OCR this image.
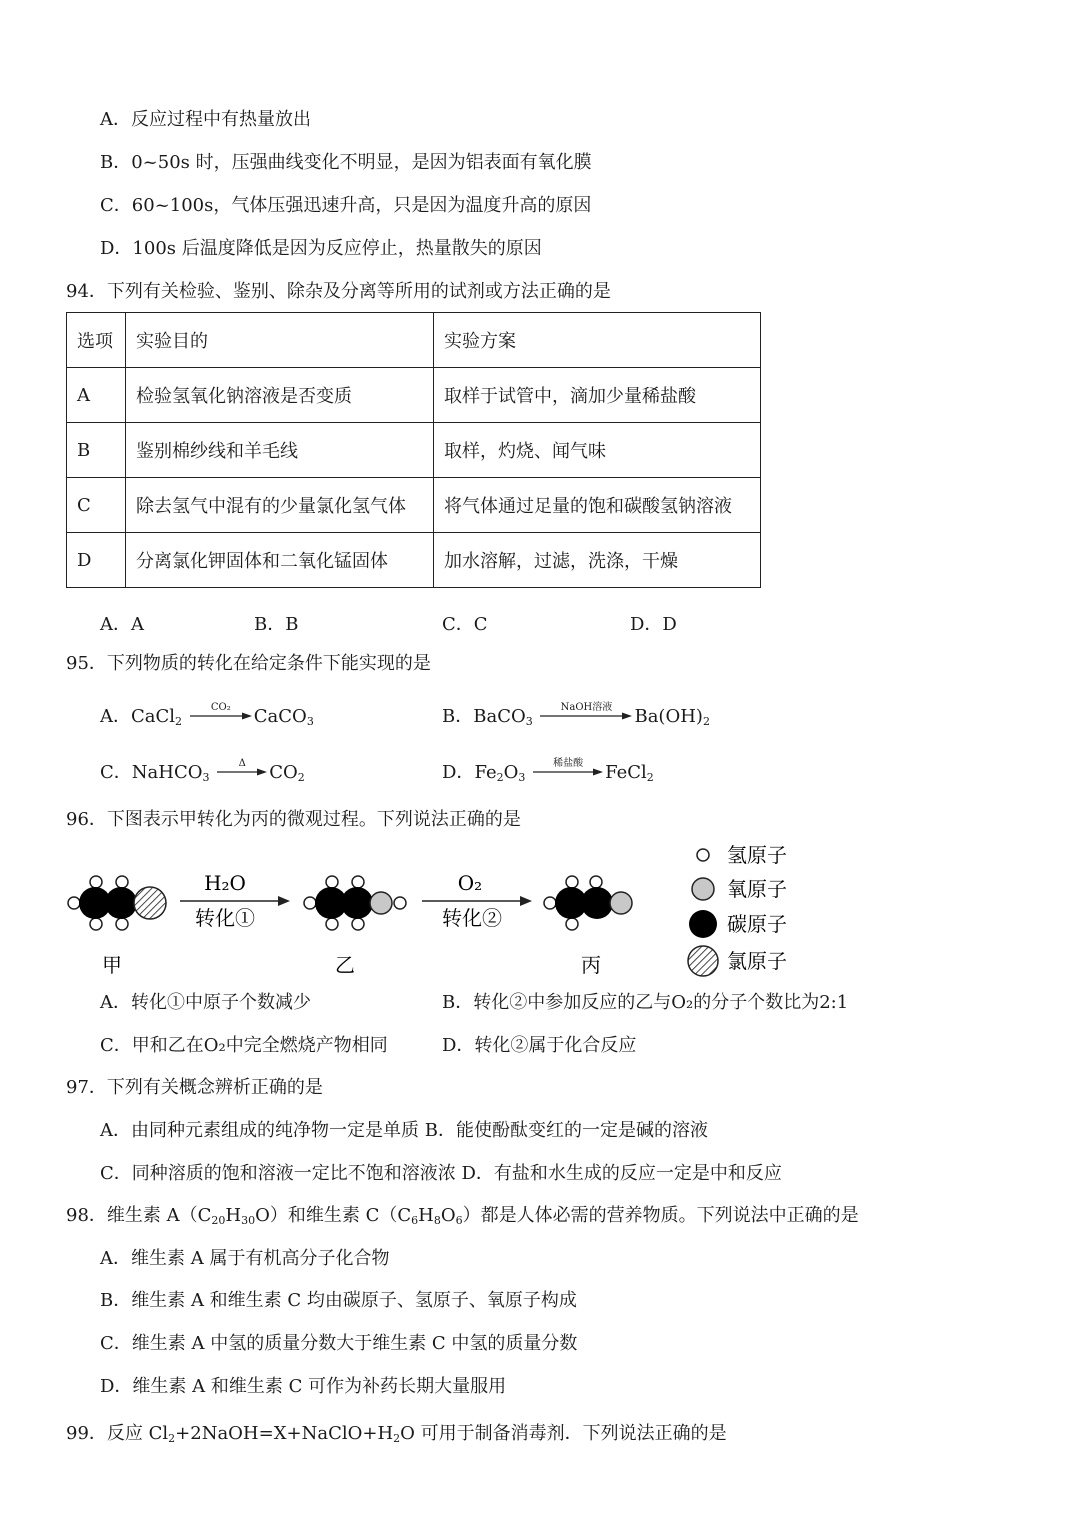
A．反应过程中有热量放出
B．0~50s 时，压强曲线变化不明显，是因为铝表面有氧化膜
C．60~100s，气体压强迅速升高，只是因为温度升高的原因
D．100s 后温度降低是因为反应停止，热量散失的原因
94．下列有关检验、鉴别、除杂及分离等所用的试剂或方法正确的是
选项	实验目的	实验方案
A	检验氢氧化钠溶液是否变质	取样于试管中，滴加少量稀盐酸
B	鉴别棉纱线和羊毛线	取样，灼烧、闻气味
C	除去氢气中混有的少量氯化氢气体	将气体通过足量的饱和碳酸氢钠溶液
D	分离氯化钾固体和二氧化锰固体	加水溶解，过滤，洗涤，干燥
A．A	B．B	C．C	D．D
95．下列物质的转化在给定条件下能实现的是
A．CaCl$_2$
CO₂	CaCO$_3$	B．BaCO$_3$
NaOH溶液	$Ba(OH)_2$
C．NaHCO$_3$
Δ	$CO_2$	D．$Fe_2O_3$
稀盐酸	FeCl$_2$
96．下图表示甲转化为丙的微观过程。下列说法正确的是
H₂O
转化①
O₂
转化②
甲	乙	丙
氢原子
氧原子
碳原子
氯原子
A．转化①中原子个数减少	B．转化②中参加反应的乙与O₂的分子个数比为2:1
C．甲和乙在O₂中完全燃烧产物相同	D．转化②属于化合反应
97．下列有关概念辨析正确的是
A．由同种元素组成的纯净物一定是单质 B．能使酚酞变红的一定是碱的溶液
C．同种溶质的饱和溶液一定比不饱和溶液浓 D．有盐和水生成的反应一定是中和反应
98．维生素 $A(C_{20}H_{30}O)$和维生素 $C(C_6H_8O_6)$都是人体必需的营养物质。下列说法中正确的是
A．维生素 A 属于有机高分子化合物
B．维生素 A 和维生素 C 均由碳原子、氢原子、氧原子构成
C．维生素 A 中氢的质量分数大于维生素 C 中氢的质量分数
D．维生素 A 和维生素 C 可作为补药长期大量服用
99．反应 $Cl_2+2NaOH=X+NaClO+H_2O$ 可用于制备消毒剂．下列说法正确的是
